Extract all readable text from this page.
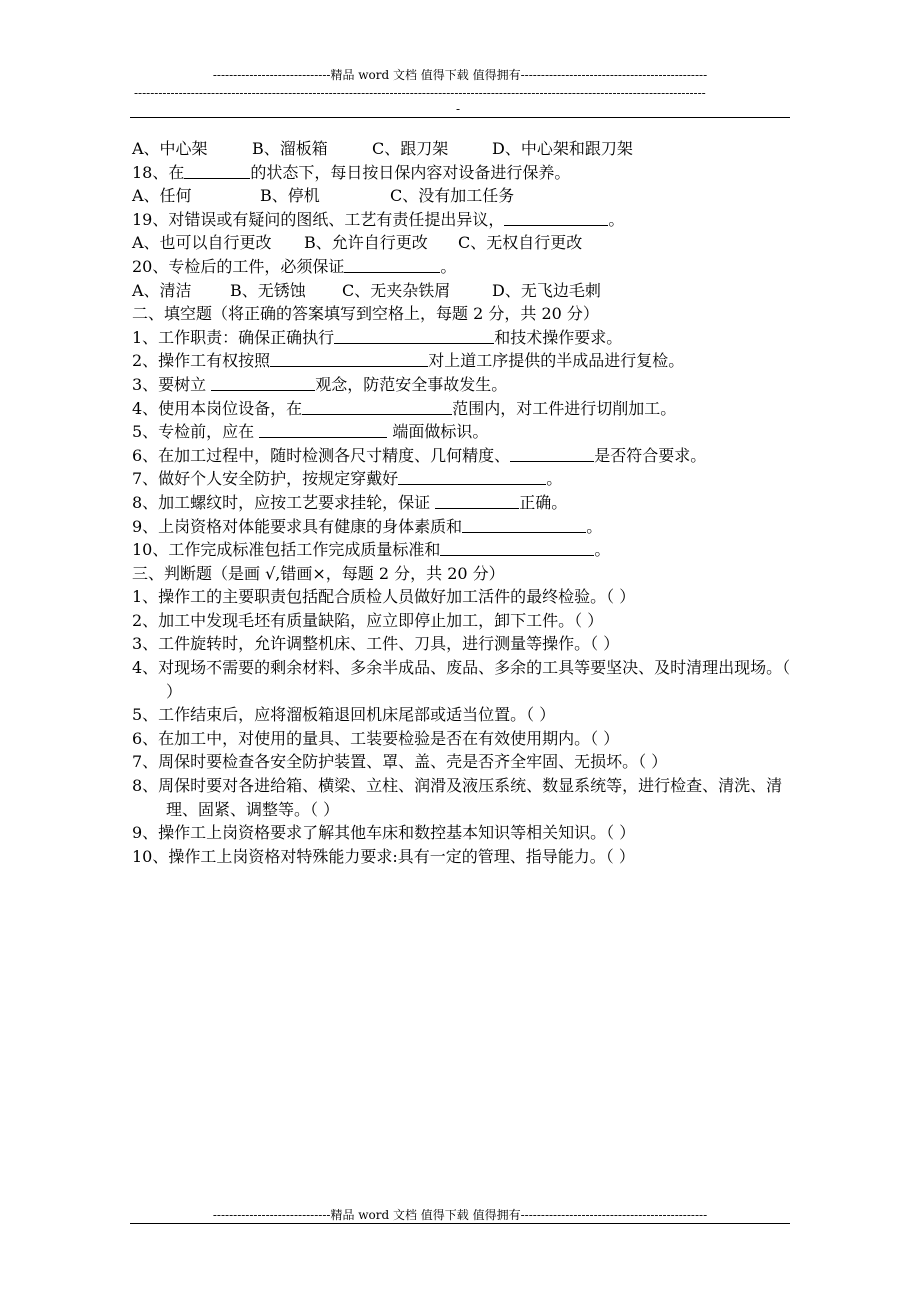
-----------------------------精品 word 文档 值得下载 值得拥有----------------------------------------------
---------------------------------------------------------------------------------------------------------------------------------------------
-
A、中心架	B、溜板箱	C、跟刀架	D、中心架和跟刀架
18、在	的状态下，每日按日保内容对设备进行保养。
A、任何	B、停机	C、没有加工任务
19、对错误或有疑问的图纸、工艺有责任提出异议，	。
A、也可以自行更改 B、允许自行更改 C、无权自行更改
20、专检后的工件，必须保证	。
A、清洁 B、无锈蚀 C、无夹杂铁屑	D、无飞边毛刺
二、填空题（将正确的答案填写到空格上，每题 2 分，共 20 分）
1、工作职责：确保正确执行	和技术操作要求。
2、操作工有权按照	对上道工序提供的半成品进行复检。
3、要树立	观念，防范安全事故发生。
4、使用本岗位设备，在	范围内，对工件进行切削加工。
5、专检前，应在	端面做标识。
6、在加工过程中，随时检测各尺寸精度、几何精度、	是否符合要求。
7、做好个人安全防护，按规定穿戴好	。
8、加工螺纹时，应按工艺要求挂轮，保证	正确。
9、上岗资格对体能要求具有健康的身体素质和	。
10、工作完成标准包括工作完成质量标准和	。
三、判断题（是画 √,错画×，每题 2 分，共 20 分）
1、操作工的主要职责包括配合质检人员做好加工活件的最终检验。（ ）
2、加工中发现毛坯有质量缺陷，应立即停止加工，卸下工件。（ ）
3、工件旋转时，允许调整机床、工件、刀具，进行测量等操作。（ ）
4、对现场不需要的剩余材料、多余半成品、废品、多余的工具等要坚决、及时清理出现场。（ ）
5、工作结束后，应将溜板箱退回机床尾部或适当位置。（ ）
6、在加工中，对使用的量具、工装要检验是否在有效使用期内。（ ）
7、周保时要检查各安全防护装置、罩、盖、壳是否齐全牢固、无损坏。（ ）
8、周保时要对各进给箱、横梁、立柱、润滑及液压系统、数显系统等，进行检查、清洗、清理、固紧、调整等。（ ）
9、操作工上岗资格要求了解其他车床和数控基本知识等相关知识。（ ）
10、操作工上岗资格对特殊能力要求:具有一定的管理、指导能力。（ ）
-----------------------------精品 word 文档 值得下载 值得拥有----------------------------------------------
